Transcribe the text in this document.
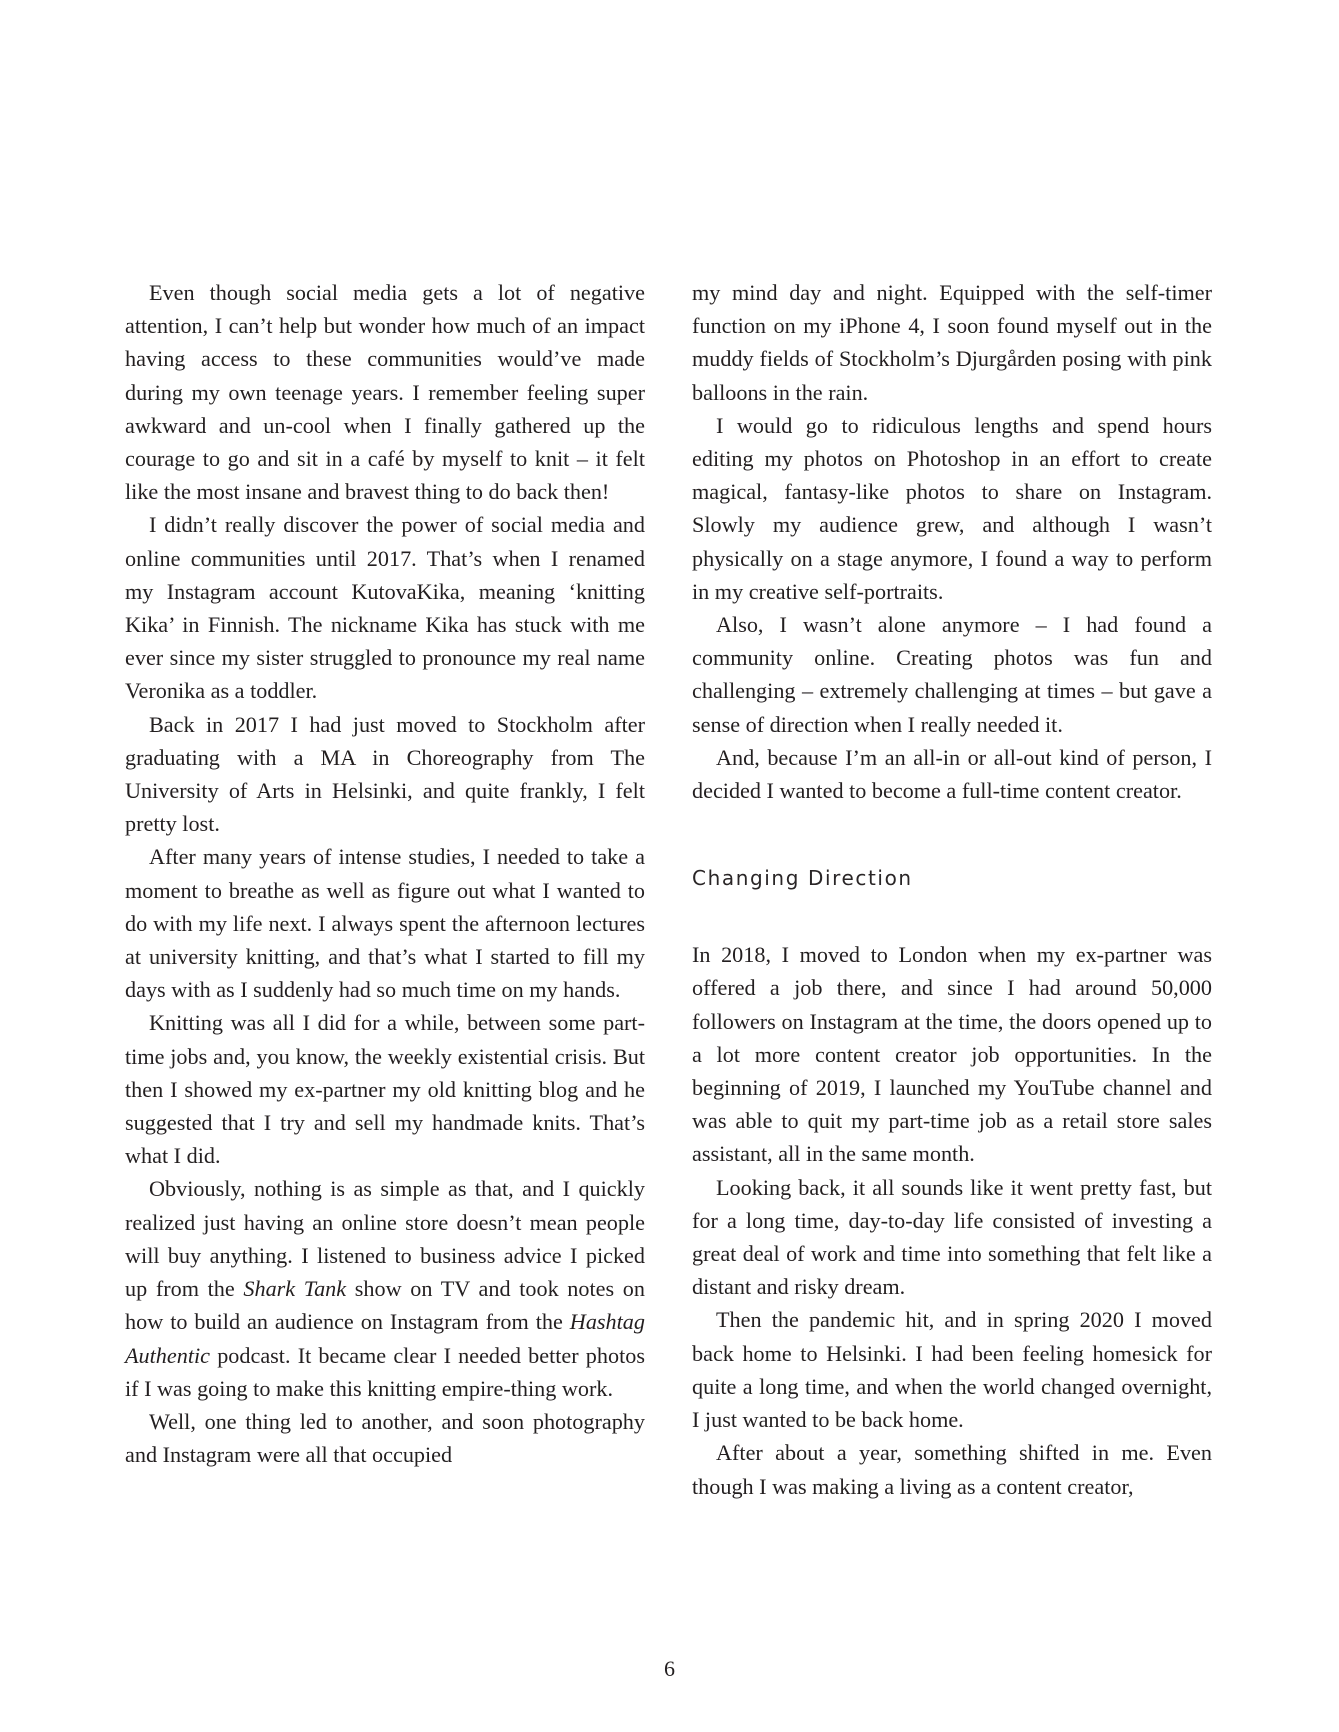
Even though social media gets a lot of negative attention, I can’t help but wonder how much of an impact having access to these communities would’ve made during my own teenage years. I remember feeling super awkward and un-cool when I finally gathered up the courage to go and sit in a café by myself to knit – it felt like the most insane and bravest thing to do back then!

I didn’t really discover the power of social media and online communities until 2017. That’s when I renamed my Instagram account KutovaKika, meaning ‘knitting Kika’ in Finnish. The nickname Kika has stuck with me ever since my sister struggled to pronounce my real name Veronika as a toddler.

Back in 2017 I had just moved to Stockholm after graduating with a MA in Choreography from The University of Arts in Helsinki, and quite frankly, I felt pretty lost.

After many years of intense studies, I needed to take a moment to breathe as well as figure out what I wanted to do with my life next. I always spent the afternoon lectures at university knitting, and that’s what I started to fill my days with as I suddenly had so much time on my hands.

Knitting was all I did for a while, between some part-time jobs and, you know, the weekly existential crisis. But then I showed my ex-partner my old knitting blog and he suggested that I try and sell my handmade knits. That’s what I did.

Obviously, nothing is as simple as that, and I quickly realized just having an online store doesn’t mean people will buy anything. I listened to business advice I picked up from the Shark Tank show on TV and took notes on how to build an audience on Instagram from the Hashtag Authentic podcast. It became clear I needed better photos if I was going to make this knitting empire-thing work.

Well, one thing led to another, and soon photography and Instagram were all that occupied

my mind day and night. Equipped with the self-timer function on my iPhone 4, I soon found myself out in the muddy fields of Stockholm’s Djurgården posing with pink balloons in the rain.

I would go to ridiculous lengths and spend hours editing my photos on Photoshop in an effort to create magical, fantasy-like photos to share on Instagram. Slowly my audience grew, and although I wasn’t physically on a stage anymore, I found a way to perform in my creative self-portraits.

Also, I wasn’t alone anymore – I had found a community online. Creating photos was fun and challenging – extremely challenging at times – but gave a sense of direction when I really needed it.

And, because I’m an all-in or all-out kind of person, I decided I wanted to become a full-time content creator.

Changing Direction

In 2018, I moved to London when my ex-partner was offered a job there, and since I had around 50,000 followers on Instagram at the time, the doors opened up to a lot more content creator job opportunities. In the beginning of 2019, I launched my YouTube channel and was able to quit my part-time job as a retail store sales assistant, all in the same month.

Looking back, it all sounds like it went pretty fast, but for a long time, day-to-day life consisted of investing a great deal of work and time into something that felt like a distant and risky dream.

Then the pandemic hit, and in spring 2020 I moved back home to Helsinki. I had been feeling homesick for quite a long time, and when the world changed overnight, I just wanted to be back home.

After about a year, something shifted in me. Even though I was making a living as a content creator,

6
